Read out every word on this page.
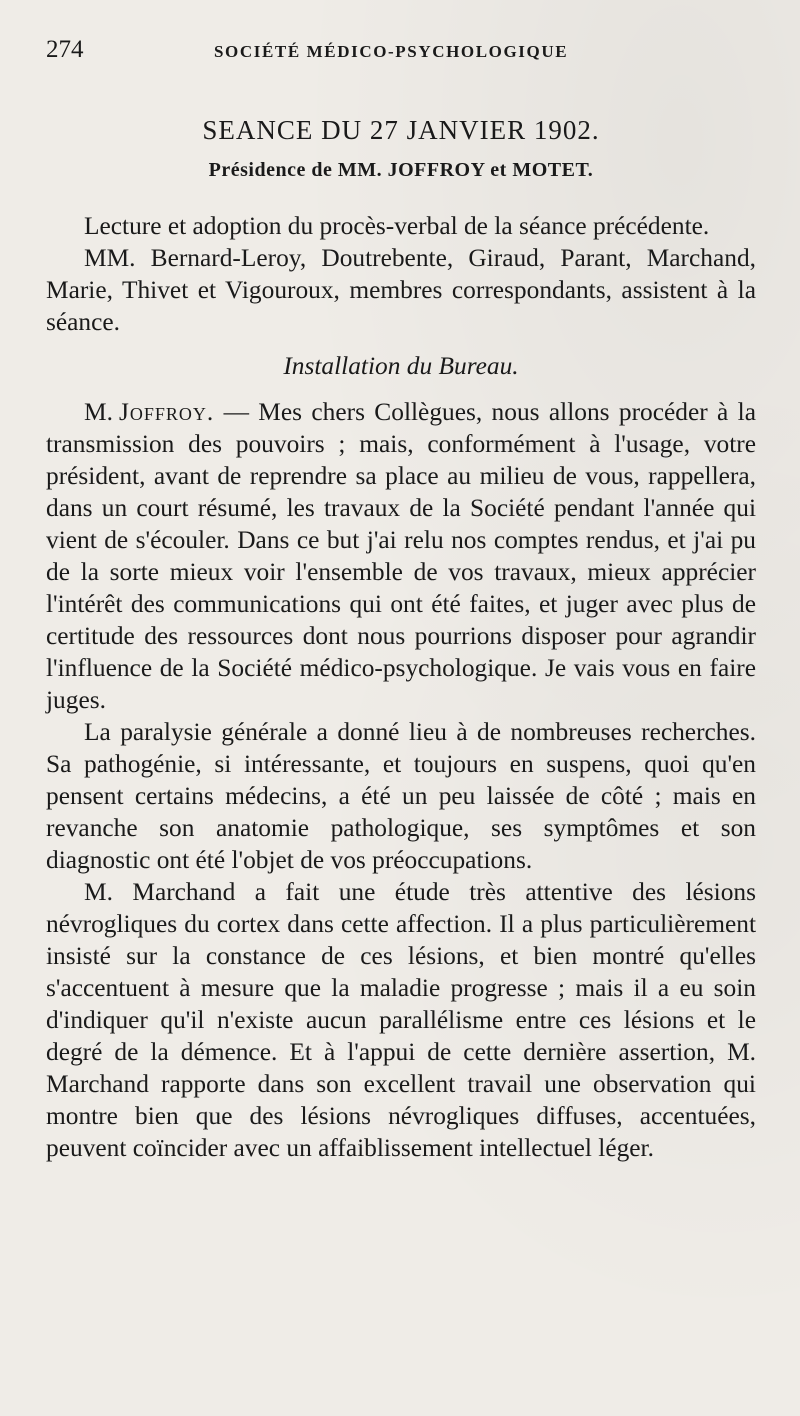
274	SOCIÉTÉ MÉDICO-PSYCHOLOGIQUE
SEANCE DU 27 JANVIER 1902.
Présidence de MM. JOFFROY et MOTET.

Lecture et adoption du procès-verbal de la séance précédente.

MM. Bernard-Leroy, Doutrebente, Giraud, Parant, Marchand, Marie, Thivet et Vigouroux, membres correspondants, assistent à la séance.

Installation du Bureau.

M. Joffroy. — Mes chers Collègues, nous allons procéder à la transmission des pouvoirs ; mais, conformément à l'usage, votre président, avant de reprendre sa place au milieu de vous, rappellera, dans un court résumé, les travaux de la Société pendant l'année qui vient de s'écouler. Dans ce but j'ai relu nos comptes rendus, et j'ai pu de la sorte mieux voir l'ensemble de vos travaux, mieux apprécier l'intérêt des communications qui ont été faites, et juger avec plus de certitude des ressources dont nous pourrions disposer pour agrandir l'influence de la Société médico-psychologique. Je vais vous en faire juges.

La paralysie générale a donné lieu à de nombreuses recherches. Sa pathogénie, si intéressante, et toujours en suspens, quoi qu'en pensent certains médecins, a été un peu laissée de côté ; mais en revanche son anatomie pathologique, ses symptômes et son diagnostic ont été l'objet de vos préoccupations.

M. Marchand a fait une étude très attentive des lésions névrogliques du cortex dans cette affection. Il a plus particulièrement insisté sur la constance de ces lésions, et bien montré qu'elles s'accentuent à mesure que la maladie progresse ; mais il a eu soin d'indiquer qu'il n'existe aucun parallélisme entre ces lésions et le degré de la démence. Et à l'appui de cette dernière assertion, M. Marchand rapporte dans son excellent travail une observation qui montre bien que des lésions névrogliques diffuses, accentuées, peuvent coïncider avec un affaiblissement intellectuel léger.
